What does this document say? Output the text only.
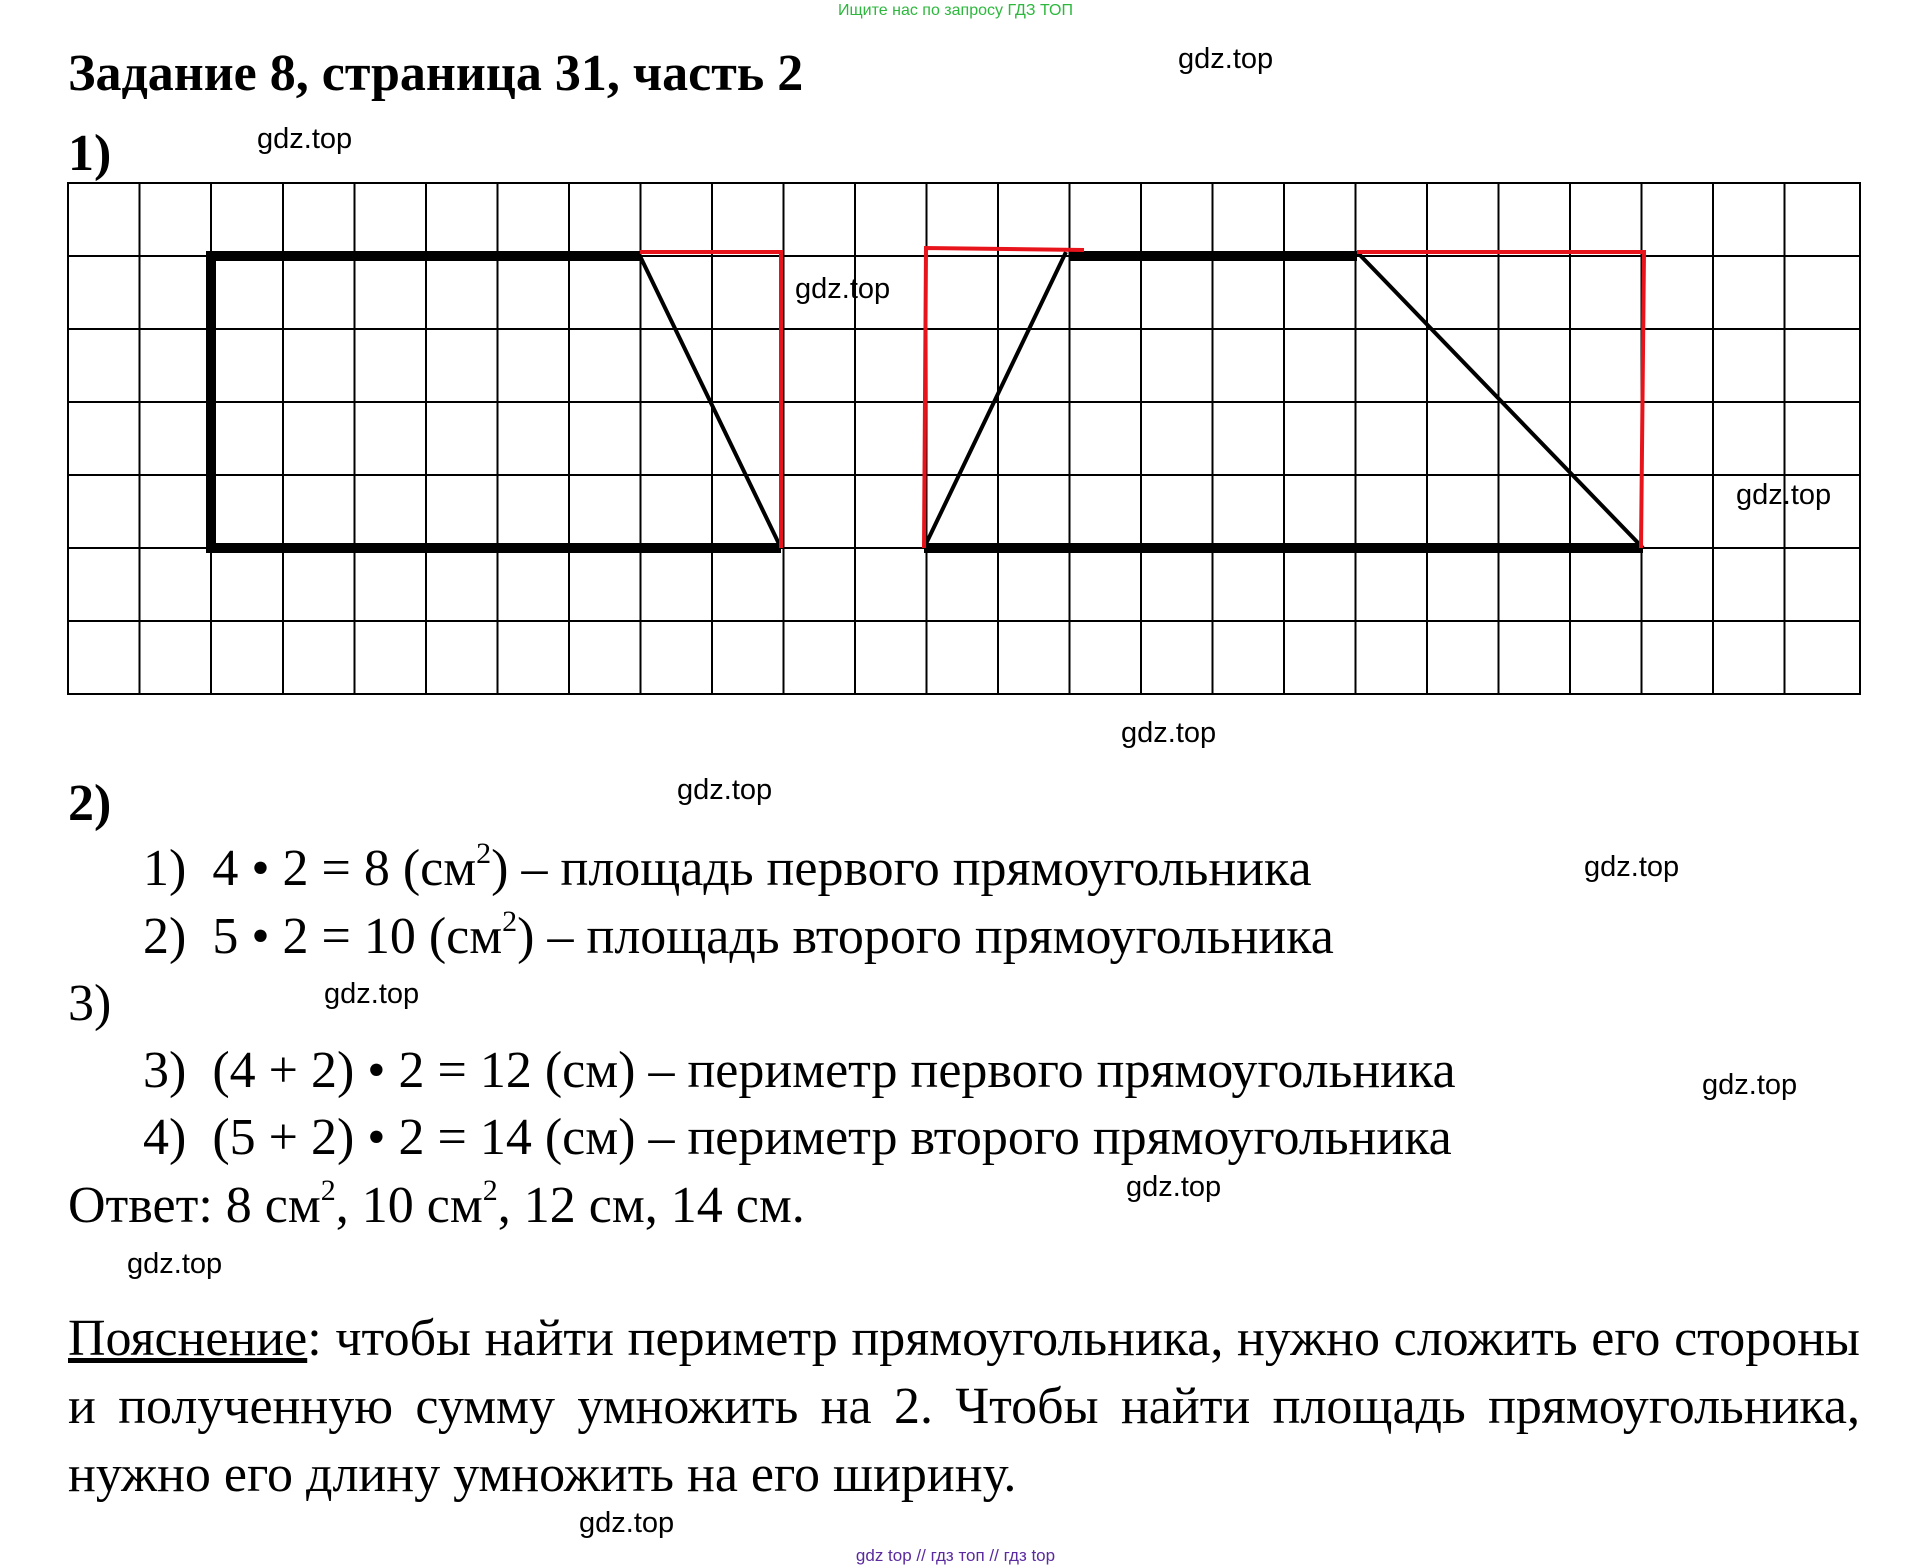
Ищите нас по запросу ГДЗ ТОП
Задание 8, страница 31, часть 2
1)
2)
1) 4 • 2 = 8 $(см^2)$ – площадь первого прямоугольника
2) 5 • 2 = 10 $(см^2)$ – площадь второго прямоугольника
3)
3) (4 + 2) • 2 = 12 (см) – периметр первого прямоугольника
4) (5 + 2) • 2 = 14 (см) – периметр второго прямоугольника
Ответ: 8 $см^2$, 10 $см^2$, 12 см, 14 см.
Пояснение: чтобы найти периметр прямоугольника, нужно сложить его стороны и полученную сумму умножить на 2. Чтобы найти площадь прямоугольника, нужно его длину умножить на его ширину.
gdz.top
gdz.top
gdz.top
gdz.top
gdz.top
gdz.top
gdz.top
gdz.top
gdz.top
gdz.top
gdz.top
gdz.top
gdz top // гдз топ // гдз top
